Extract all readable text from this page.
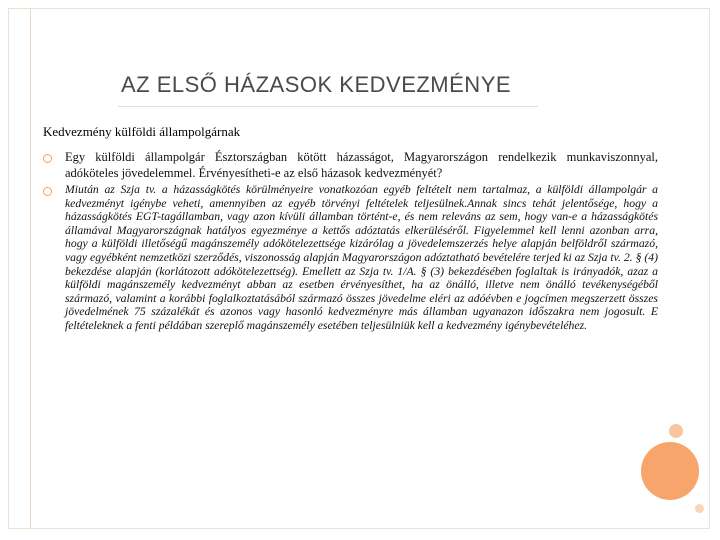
AZ ELSŐ HÁZASOK KEDVEZMÉNYE
Kedvezmény külföldi állampolgárnak

Egy külföldi állampolgár Észtországban kötött házasságot, Magyarországon rendelkezik munkaviszonnyal, adóköteles jövedelemmel. Érvényesítheti-e az első házasok kedvezményét?

Miután az Szja tv. a házasságkötés körülményeire vonatkozóan egyéb feltételt nem tartalmaz, a külföldi állampolgár a kedvezményt igénybe veheti, amennyiben az egyéb törvényi feltételek teljesülnek.Annak sincs tehát jelentősége, hogy a házasságkötés EGT-tagállamban, vagy azon kívüli államban történt-e, és nem releváns az sem, hogy van-e a házasságkötés államával Magyarországnak hatályos egyezménye a kettős adóztatás elkerüléséről. Figyelemmel kell lenni azonban arra, hogy a külföldi illetőségű magánszemély adókötelezettsége kizárólag a jövedelemszerzés helye alapján belföldről származó, vagy egyébként nemzetközi szerződés, viszonosság alapján Magyarországon adóztatható bevételére terjed ki az Szja tv. 2. § (4) bekezdése alapján (korlátozott adókötelezettség). Emellett az Szja tv. 1/A. § (3) bekezdésében foglaltak is irányadók, azaz a külföldi magánszemély kedvezményt abban az esetben érvényesíthet, ha az önálló, illetve nem önálló tevékenységéből származó, valamint a korábbi foglalkoztatásából származó összes jövedelme eléri az adóévben e jogcímen megszerzett összes jövedelmének 75 százalékát és azonos vagy hasonló kedvezményre más államban ugyanazon időszakra nem jogosult. E feltételeknek a fenti példában szereplő magánszemély esetében teljesülniük kell a kedvezmény igénybevételéhez.
